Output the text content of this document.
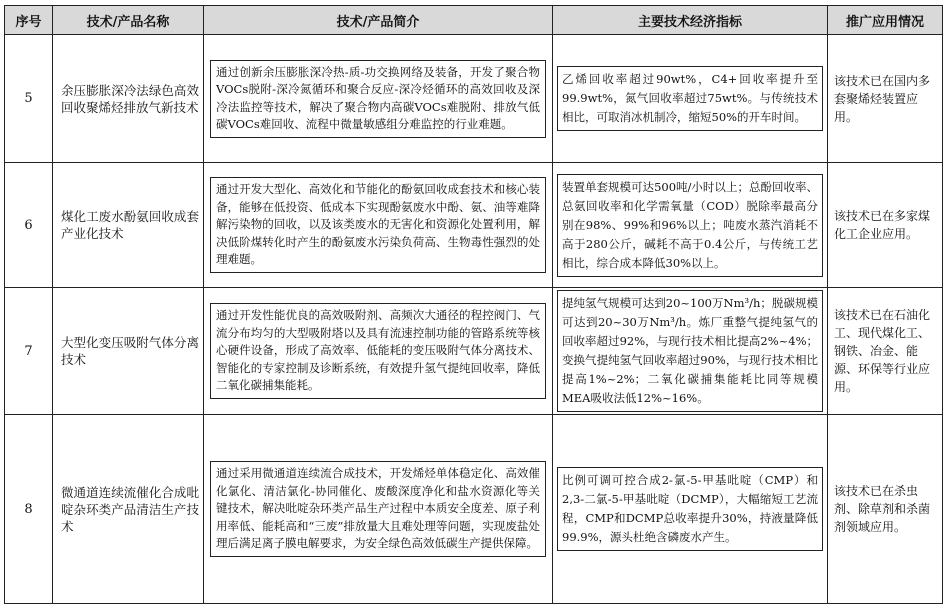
序号	技术/产品名称	技术/产品简介	主要技术经济指标	推广应用情况
5	余压膨胀深冷法绿色高效回收聚烯烃排放气新技术	通过创新余压膨胀深冷热-质-功交换网络及装备，开发了聚合物VOCs脱附-深冷氮循环和聚合反应-深冷烃循环的高效回收及深冷法监控等技术，解决了聚合物内高碳VOCs难脱附、排放气低碳VOCs难回收、流程中微量敏感组分难监控的行业难题。	乙烯回收率超过90wt%，C4+回收率提升至99.9wt%，氮气回收率超过75wt%。与传统技术相比，可取消冰机制冷，缩短50%的开车时间。	该技术已在国内多套聚烯烃装置应用。
6	煤化工废水酚氨回收成套产业化技术	通过开发大型化、高效化和节能化的酚氨回收成套技术和核心装备，能够在低投资、低成本下实现酚氨废水中酚、氨、油等难降解污染物的回收，以及该类废水的无害化和资源化处置利用，解决低阶煤转化时产生的酚氨废水污染负荷高、生物毒性强烈的处理难题。	装置单套规模可达500吨/小时以上；总酚回收率、总氨回收率和化学需氧量（COD）脱除率最高分别在98%、99%和96%以上；吨废水蒸汽消耗不高于280公斤，碱耗不高于0.4公斤，与传统工艺相比，综合成本降低30%以上。	该技术已在多家煤化工企业应用。
7	大型化变压吸附气体分离技术	通过开发性能优良的高效吸附剂、高频次大通径的程控阀门、气流分布均匀的大型吸附塔以及具有流速控制功能的管路系统等核心硬件设备，形成了高效率、低能耗的变压吸附气体分离技术、智能化的专家控制及诊断系统，有效提升氢气提纯回收率，降低二氧化碳捕集能耗。	提纯氢气规模可达到20~100万Nm³/h；脱碳规模可达到20~30万Nm³/h。炼厂重整气提纯氢气的回收率超过92%，与现行技术相比提高2%~4%；变换气提纯氢气回收率超过90%，与现行技术相比提高1%~2%；二氧化碳捕集能耗比同等规模MEA吸收法低12%~16%。	该技术已在石油化工、现代煤化工、钢铁、冶金、能源、环保等行业应用。
8	微通道连续流催化合成吡啶杂环类产品清洁生产技术	通过采用微通道连续流合成技术，开发烯烃单体稳定化、高效催化氯化、清洁氯化-协同催化、废酸深度净化和盐水资源化等关键技术，解决吡啶杂环类产品生产过程中本质安全度差、原子利用率低、能耗高和“三废”排放量大且难处理等问题，实现废盐处理后满足离子膜电解要求，为安全绿色高效低碳生产提供保障。	比例可调可控合成2-氯-5-甲基吡啶（CMP）和2,3-二氯-5-甲基吡啶（DCMP），大幅缩短工艺流程，CMP和DCMP总收率提升30%，持液量降低99.9%，源头杜绝含磷废水产生。	该技术已在杀虫剂、除草剂和杀菌剂领域应用。
